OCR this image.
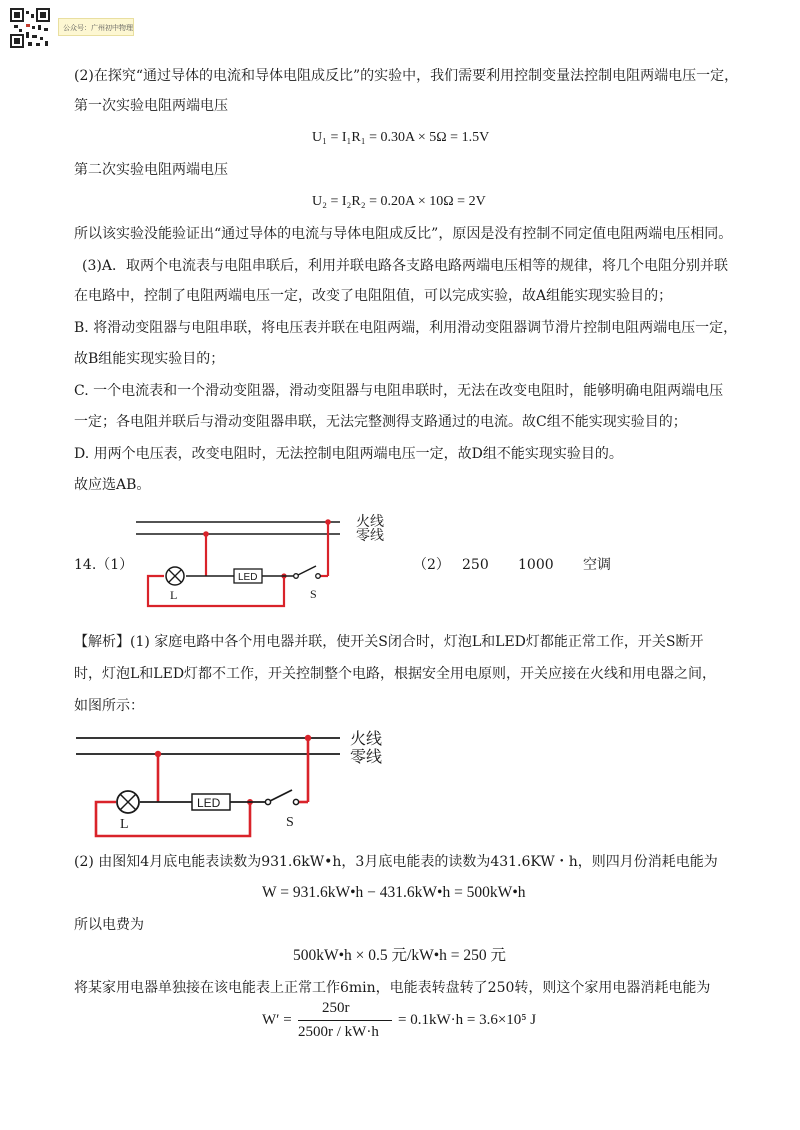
公众号：广州初中物理
(2)在探究“通过导体的电流和导体电阻成反比”的实验中，我们需要利用控制变量法控制电阻两端电压一定，
第一次实验电阻两端电压
U₁ = I₁R₁ = 0.30A × 5Ω = 1.5V
第二次实验电阻两端电压
U₂ = I₂R₂ = 0.20A × 10Ω = 2V
所以该实验没能验证出“通过导体的电流与导体电阻成反比”，原因是没有控制不同定值电阻两端电压相同。
(3)A．取两个电流表与电阻串联后，利用并联电路各支路电路两端电压相等的规律，将几个电阻分别并联
在电路中，控制了电阻两端电压一定，改变了电阻阻值，可以完成实验，故A组能实现实验目的；
B. 将滑动变阻器与电阻串联，将电压表并联在电阻两端，利用滑动变阻器调节滑片控制电阻两端电压一定，
故B组能实现实验目的；
C. 一个电流表和一个滑动变阻器，滑动变阻器与电阻串联时，无法在改变电阻时，能够明确电阻两端电压
一定；各电阻并联后与滑动变阻器串联，无法完整测得支路通过的电流。故C组不能实现实验目的；
D. 用两个电压表，改变电阻时，无法控制电阻两端电压一定，故D组不能实现实验目的。
故应选AB。
14.（1）
火线
零线
L
LED
S
（2） 250 1000 空调
【解析】(1) 家庭电路中各个用电器并联，使开关S闭合时，灯泡L和LED灯都能正常工作，开关S断开
时，灯泡L和LED灯都不工作，开关控制整个电路，根据安全用电原则，开关应接在火线和用电器之间，
如图所示：
火线
零线
L
LED
S
(2) 由图知4月底电能表读数为931.6kW•h，3月底电能表的读数为431.6KW・h，则四月份消耗电能为
W = 931.6kW•h − 431.6kW•h = 500kW•h
所以电费为
500kW•h × 0.5 元/kW•h = 250 元
将某家用电器单独接在该电能表上正常工作6min，电能表转盘转了250转，则这个家用电器消耗电能为
W′ =
250r
2500r / kW·h
= 0.1kW·h = 3.6×10⁵ J
